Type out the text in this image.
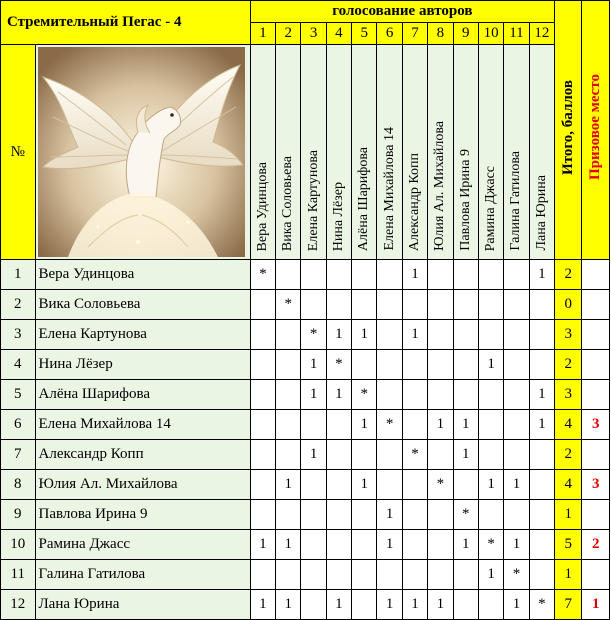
Стремительный Пегас - 4		голосование авторов												Итого, баллов	Призовое место
		1	2	3	4	5	6	7	8	9	10	11	12		
№		Вера Удинцова	Вика Соловьева	Елена Картунова	Нина Лёзер	Алёна Шарифова	Елена Михайлова 14	Александр Копп	Юлия Ал. Михайлова	Павлова Ирина 9	Рамина Джасс	Галина Гатилова	Лана Юрина		
1	Вера Удинцова	*						1					1	2	
2	Вика Соловьева		*											0	
3	Елена Картунова			*	1	1		1						3	
4	Нина Лёзер			1	*						1			2	
5	Алёна Шарифова			1	1	*							1	3	
6	Елена Михайлова 14					1	*		1	1			1	4	3
7	Александр Копп			1				*		1				2	
8	Юлия Ал. Михайлова		1			1			*		1	1		4	3
9	Павлова Ирина 9						1			*				1	
10	Рамина Джасс	1	1				1			1	*	1		5	2
11	Галина Гатилова										1	*		1	
12	Лана Юрина	1	1		1		1	1	1			1	*	7	1
